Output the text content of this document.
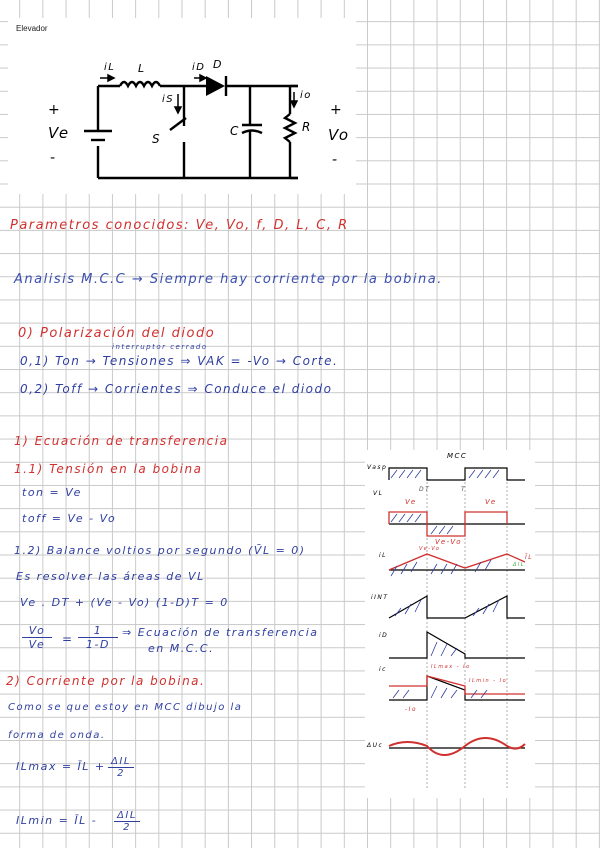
Elevador
iL L	iD D
iS	io
+
Ve
-
S
C	R
+
Vo
-
Parametros conocidos: Ve, Vo, f, D, L, C, R
Analisis M.C.C → Siempre hay corriente por la bobina.
0) Polarización del diodo
interruptor cerrado
0,1) Ton → Tensiones ⇒ VAK = -Vo → Corte.
0,2) Toff → Corrientes ⇒ Conduce el diodo
1) Ecuación de transferencia
1.1) Tensión en la bobina
ton = Ve
toff = Ve - Vo
1.2) Balance voltios por segundo (V̄L = 0)
Es resolver las áreas de VL
Ve . DT + (Ve - Vo) (1-D)T = 0
$\frac{Vo}{Ve} = \frac{1}{1-D}$ ⇒ Ecuación de transferencia
en M.C.C.
2) Corriente por la bobina.
Como se que estoy en MCC dibujo la
forma de onda.
ILmax = ĪL + ΔIL
2
ILmin = ĪL -	ΔIL
2
MCC
Vasp
VL
iL
iINT
iD
ic
ΔUc
DT	T
Ve	Ve
Ve-Vo
Ve-Vo
ĪL
ΔIL
ILmax - Io
ILmin - Io
-Io
